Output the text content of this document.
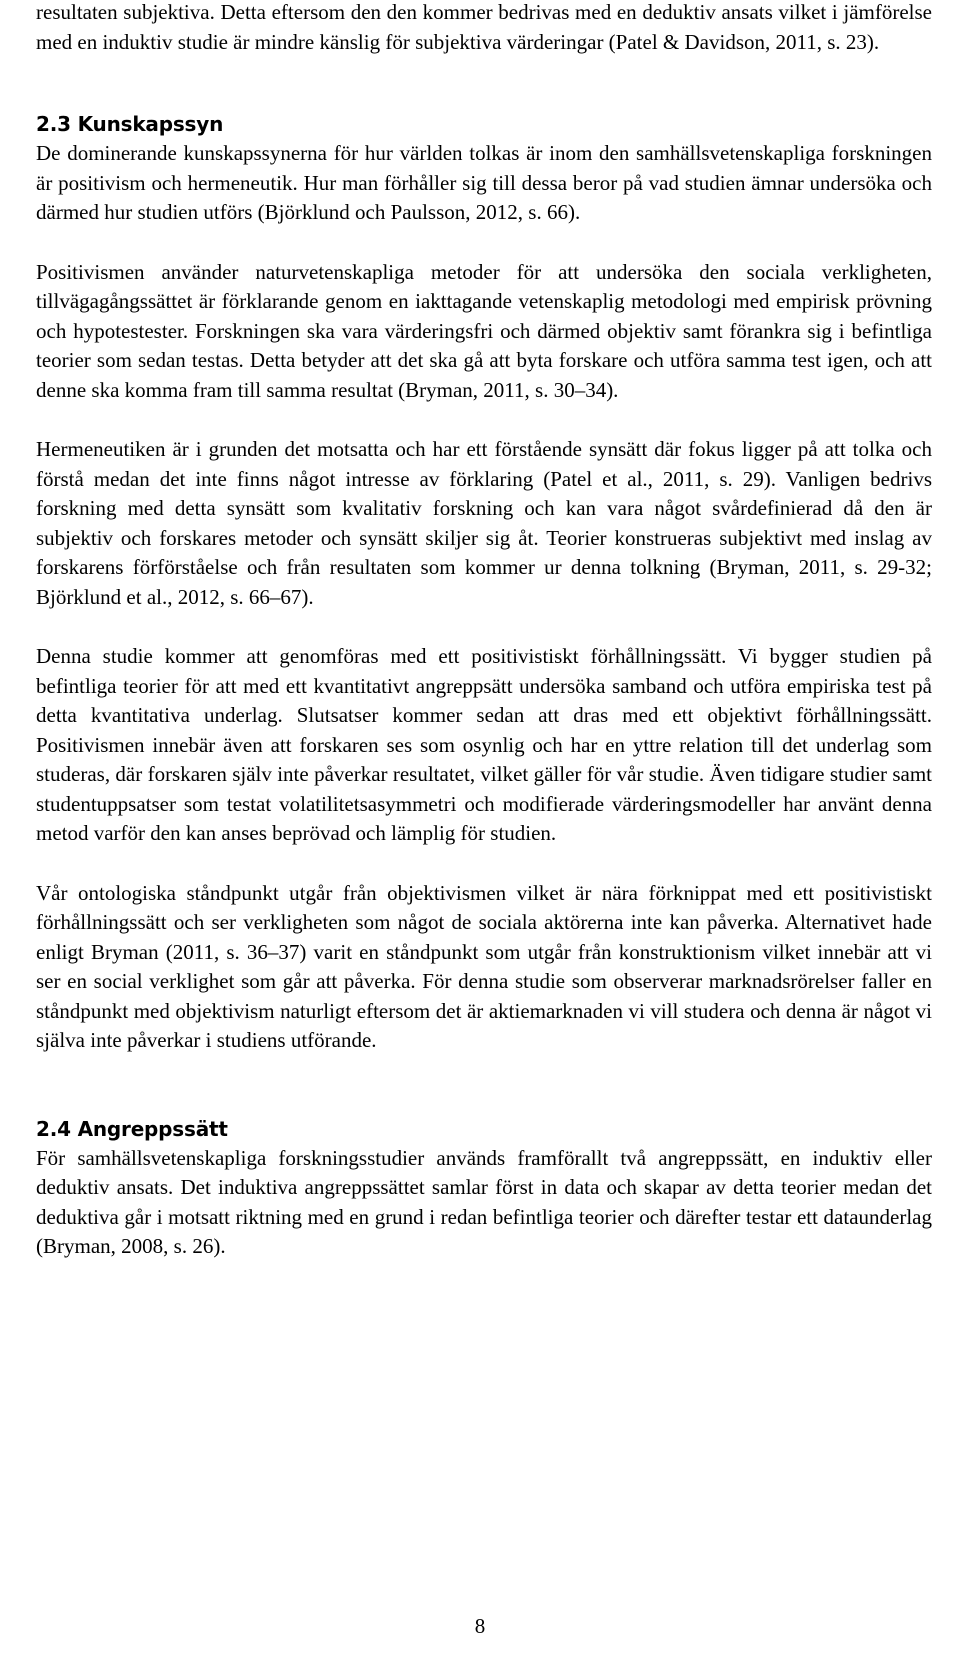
resultaten subjektiva. Detta eftersom den den kommer bedrivas med en deduktiv ansats vilket i jämförelse med en induktiv studie är mindre känslig för subjektiva värderingar (Patel & Davidson, 2011, s. 23).

2.3 Kunskapssyn

De dominerande kunskapssynerna för hur världen tolkas är inom den samhällsvetenskapliga forskningen är positivism och hermeneutik. Hur man förhåller sig till dessa beror på vad studien ämnar undersöka och därmed hur studien utförs (Björklund och Paulsson, 2012, s. 66).

Positivismen använder naturvetenskapliga metoder för att undersöka den sociala verkligheten, tillvägagångssättet är förklarande genom en iakttagande vetenskaplig metodologi med empirisk prövning och hypotestester. Forskningen ska vara värderingsfri och därmed objektiv samt förankra sig i befintliga teorier som sedan testas. Detta betyder att det ska gå att byta forskare och utföra samma test igen, och att denne ska komma fram till samma resultat (Bryman, 2011, s. 30–34).

Hermeneutiken är i grunden det motsatta och har ett förstående synsätt där fokus ligger på att tolka och förstå medan det inte finns något intresse av förklaring (Patel et al., 2011, s. 29). Vanligen bedrivs forskning med detta synsätt som kvalitativ forskning och kan vara något svårdefinierad då den är subjektiv och forskares metoder och synsätt skiljer sig åt. Teorier konstrueras subjektivt med inslag av forskarens förförståelse och från resultaten som kommer ur denna tolkning (Bryman, 2011, s. 29-32; Björklund et al., 2012, s. 66–67).

Denna studie kommer att genomföras med ett positivistiskt förhållningssätt. Vi bygger studien på befintliga teorier för att med ett kvantitativt angreppsätt undersöka samband och utföra empiriska test på detta kvantitativa underlag. Slutsatser kommer sedan att dras med ett objektivt förhållningssätt. Positivismen innebär även att forskaren ses som osynlig och har en yttre relation till det underlag som studeras, där forskaren själv inte påverkar resultatet, vilket gäller för vår studie. Även tidigare studier samt studentuppsatser som testat volatilitetsasymmetri och modifierade värderingsmodeller har använt denna metod varför den kan anses beprövad och lämplig för studien.

Vår ontologiska ståndpunkt utgår från objektivismen vilket är nära förknippat med ett positivistiskt förhållningssätt och ser verkligheten som något de sociala aktörerna inte kan påverka. Alternativet hade enligt Bryman (2011, s. 36–37) varit en ståndpunkt som utgår från konstruktionism vilket innebär att vi ser en social verklighet som går att påverka. För denna studie som observerar marknadsrörelser faller en ståndpunkt med objektivism naturligt eftersom det är aktiemarknaden vi vill studera och denna är något vi själva inte påverkar i studiens utförande.

2.4 Angreppssätt

För samhällsvetenskapliga forskningsstudier används framförallt två angreppssätt, en induktiv eller deduktiv ansats. Det induktiva angreppssättet samlar först in data och skapar av detta teorier medan det deduktiva går i motsatt riktning med en grund i redan befintliga teorier och därefter testar ett dataunderlag (Bryman, 2008, s. 26).

8
